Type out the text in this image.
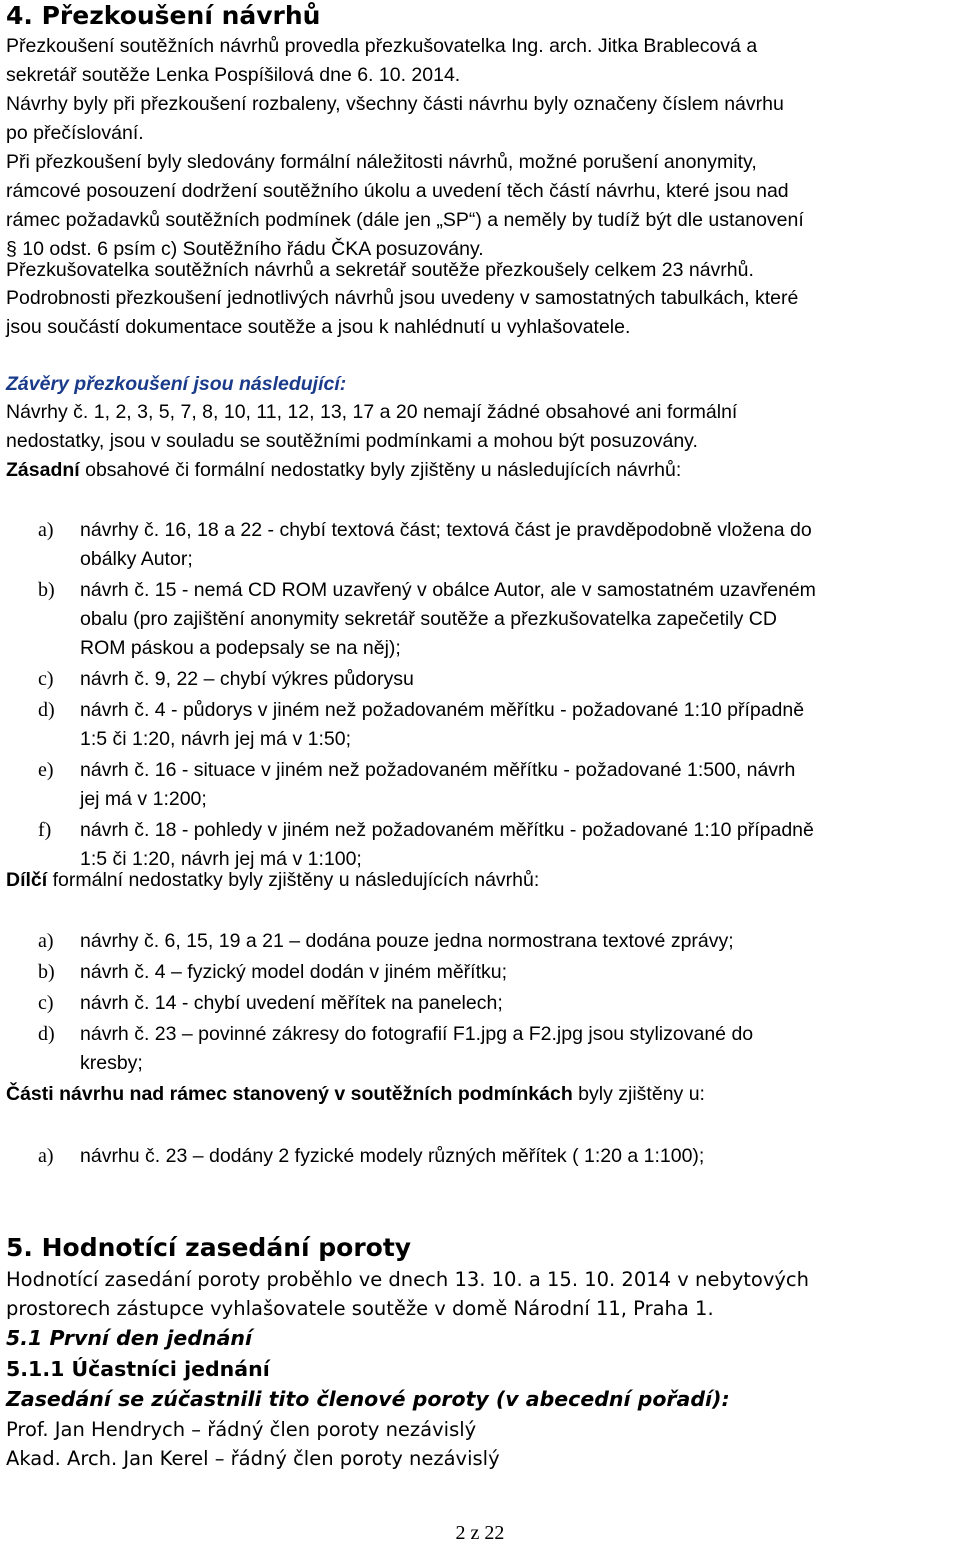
4. Přezkoušení návrhů
Přezkoušení soutěžních návrhů provedla přezkušovatelka Ing. arch. Jitka Brablecová a
sekretář soutěže Lenka Pospíšilová dne 6. 10. 2014.
Návrhy byly při přezkoušení rozbaleny, všechny části návrhu byly označeny číslem návrhu
po přečíslování.
Při přezkoušení byly sledovány formální náležitosti návrhů, možné porušení anonymity,
rámcové posouzení dodržení soutěžního úkolu a uvedení těch částí návrhu, které jsou nad
rámec požadavků soutěžních podmínek (dále jen „SP“) a neměly by tudíž být dle ustanovení
§ 10 odst. 6 psím c) Soutěžního řádu ČKA posuzovány.
Přezkušovatelka soutěžních návrhů a sekretář soutěže přezkoušely celkem 23 návrhů.
Podrobnosti přezkoušení jednotlivých návrhů jsou uvedeny v samostatných tabulkách, které
jsou součástí dokumentace soutěže a jsou k nahlédnutí u vyhlašovatele.
Závěry přezkoušení jsou následující:
Návrhy č. 1, 2, 3, 5, 7, 8, 10, 11, 12, 13, 17 a 20 nemají žádné obsahové ani formální
nedostatky, jsou v souladu se soutěžními podmínkami a mohou být posuzovány.
Zásadní obsahové či formální nedostatky byly zjištěny u následujících návrhů:
a) návrhy č. 16, 18 a 22 - chybí textová část; textová část je pravděpodobně vložena do
obálky Autor;
b) návrh č. 15 - nemá CD ROM uzavřený v obálce Autor, ale v samostatném uzavřeném
obalu (pro zajištění anonymity sekretář soutěže a přezkušovatelka zapečetily CD
ROM páskou a podepsaly se na něj);
c) návrh č. 9, 22 – chybí výkres půdorysu
d) návrh č. 4 - půdorys v jiném než požadovaném měřítku - požadované 1:10 případně
1:5 či 1:20, návrh jej má v 1:50;
e) návrh č. 16 - situace v jiném než požadovaném měřítku - požadované 1:500, návrh
jej má v 1:200;
f) návrh č. 18 - pohledy v jiném než požadovaném měřítku - požadované 1:10 případně
1:5 či 1:20, návrh jej má v 1:100;
Dílčí formální nedostatky byly zjištěny u následujících návrhů:
a) návrhy č. 6, 15, 19 a 21 – dodána pouze jedna normostrana textové zprávy;
b) návrh č. 4 – fyzický model dodán v jiném měřítku;
c) návrh č. 14 - chybí uvedení měřítek na panelech;
d) návrh č. 23 – povinné zákresy do fotografií F1.jpg a F2.jpg jsou stylizované do
kresby;
Části návrhu nad rámec stanovený v soutěžních podmínkách byly zjištěny u:
a) návrhu č. 23 – dodány 2 fyzické modely různých měřítek ( 1:20 a 1:100);
5. Hodnotící zasedání poroty
Hodnotící zasedání poroty proběhlo ve dnech 13. 10. a 15. 10. 2014 v nebytových
prostorech zástupce vyhlašovatele soutěže v domě Národní 11, Praha 1.
5.1 První den jednání
5.1.1 Účastníci jednání
Zasedání se zúčastnili tito členové poroty (v abecední pořadí):
Prof. Jan Hendrych – řádný člen poroty nezávislý
Akad. Arch. Jan Kerel – řádný člen poroty nezávislý
2 z 22
